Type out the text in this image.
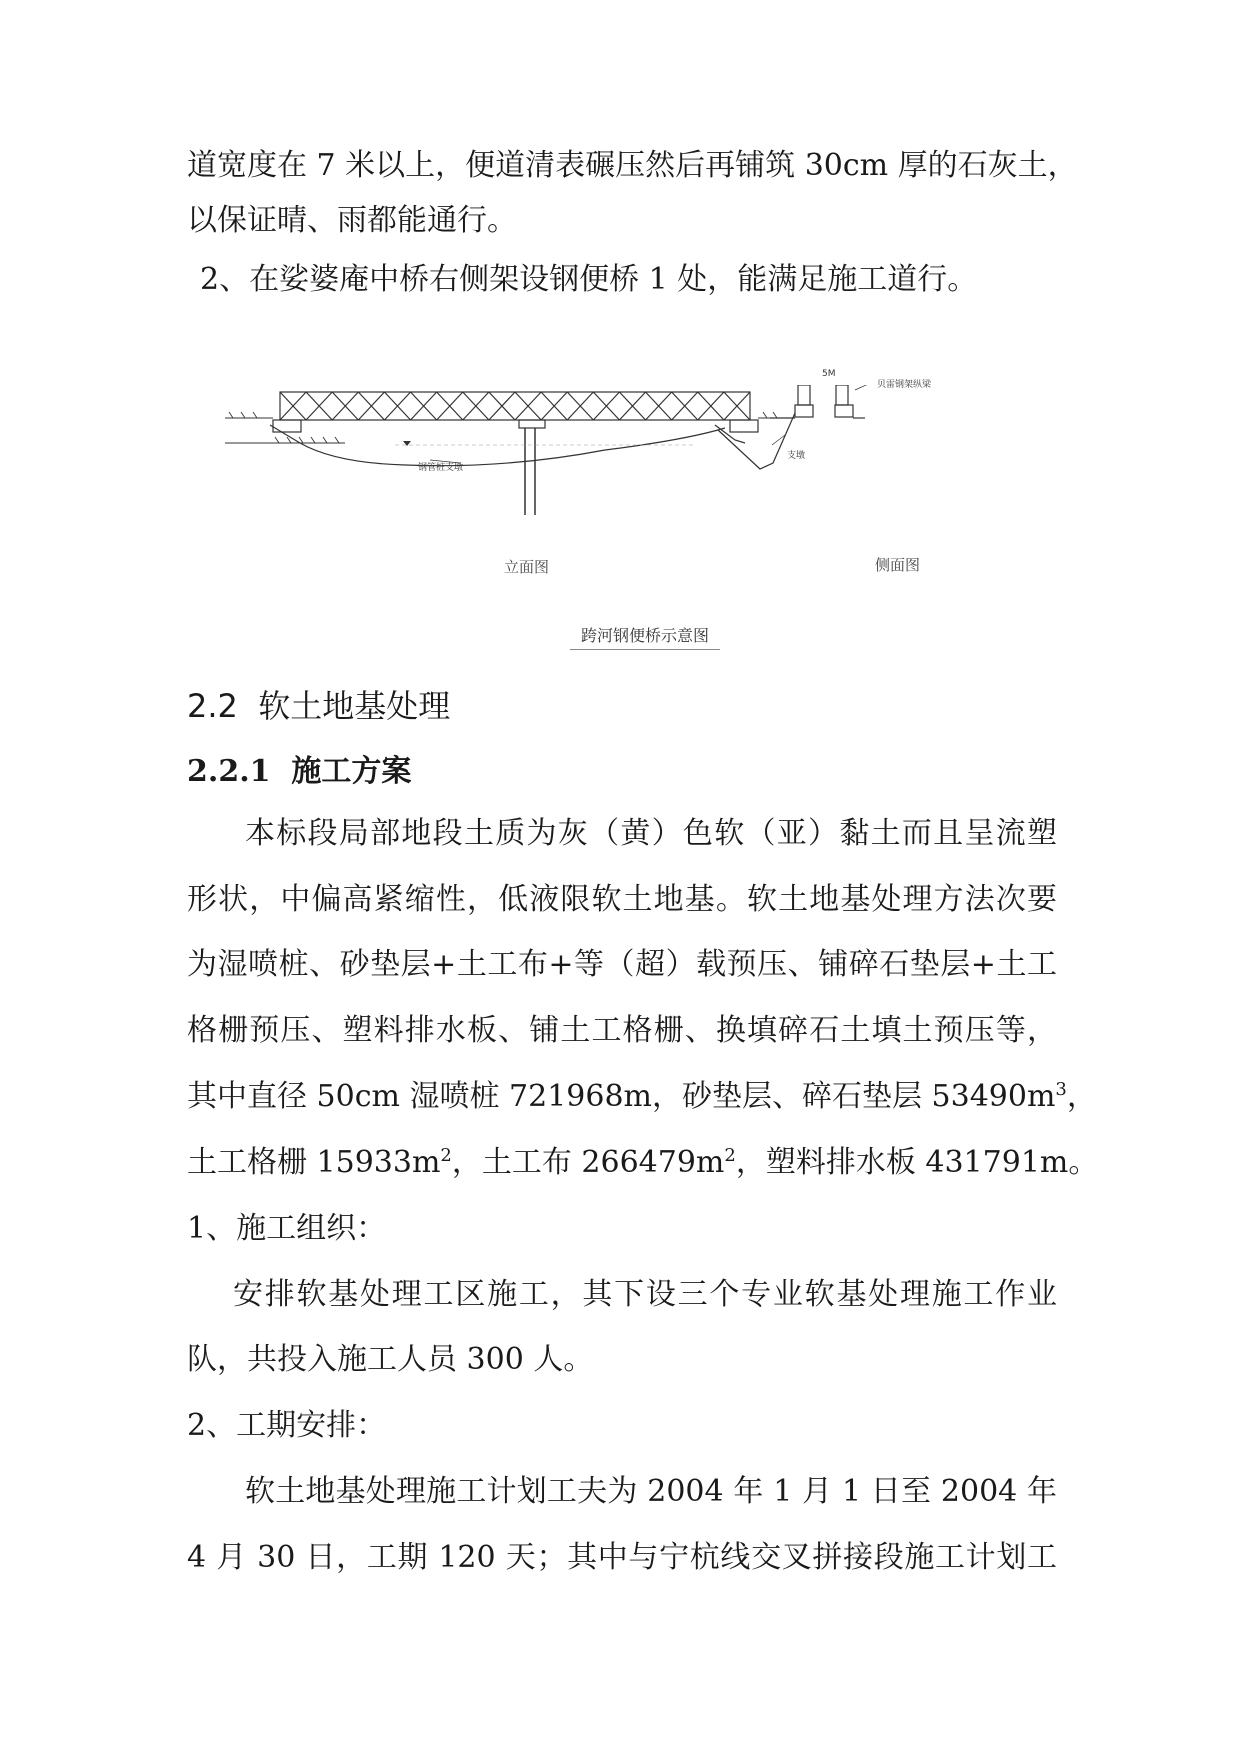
道宽度在 7 米以上，便道清表碾压然后再铺筑 30cm 厚的石灰土，
以保证晴、雨都能通行。
2、在娑婆庵中桥右侧架设钢便桥 1 处，能满足施工道行。
钢管桩支墩
5M
贝雷钢架纵梁
支墩
立面图	侧面图
跨河钢便桥示意图
2.2 软土地基处理
2.2.1 施工方案
本标段局部地段土质为灰（黄）色软（亚）黏土而且呈流塑
形状，中偏高紧缩性，低液限软土地基。软土地基处理方法次要
为湿喷桩、砂垫层+土工布+等（超）载预压、铺碎石垫层+土工
格栅预压、塑料排水板、铺土工格栅、换填碎石土填土预压等，
其中直径 50cm 湿喷桩 721968m，砂垫层、碎石垫层 $53490m^3$，
土工格栅 $15933m^2$，土工布 $266479m^2$，塑料排水板 431791m。
1、施工组织：
安排软基处理工区施工，其下设三个专业软基处理施工作业
队，共投入施工人员 300 人。
2、工期安排：
软土地基处理施工计划工夫为 2004 年 1 月 1 日至 2004 年
4 月 30 日，工期 120 天；其中与宁杭线交叉拼接段施工计划工
